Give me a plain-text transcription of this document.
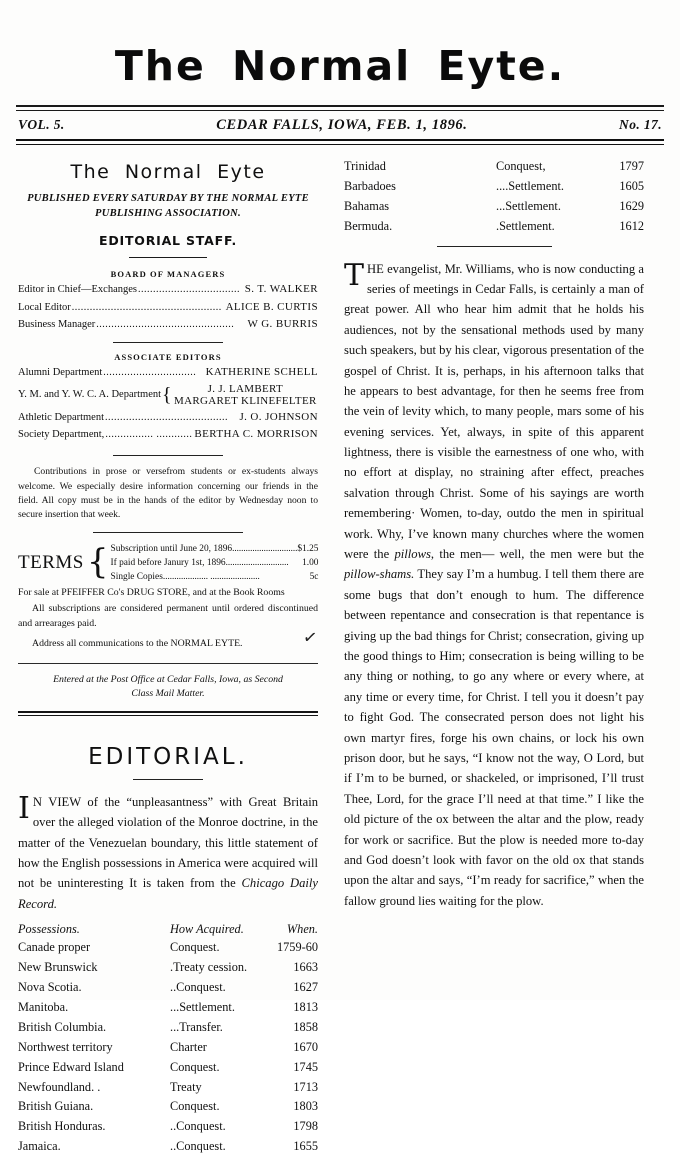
The Normal Eyte.
VOL. 5.	CEDAR FALLS, IOWA, FEB. 1, 1896.	No. 17.
The Normal Eyte
PUBLISHED EVERY SATURDAY BY THE NORMAL EYTE
PUBLISHING ASSOCIATION.
EDITORIAL STAFF.
BOARD OF MANAGERS
Editor in Chief—Exchanges .................................. S. T. WALKER
Local Editor .................................................. ALICE B. CURTIS
Business Manager ..............................................	W G. BURRIS
ASSOCIATE EDITORS
Alumni Department ............................... KATHERINE SCHELL
Y. M. and Y. W. C. A. Department {	J. J. LAMBERT
MARGARET KLINEFELTER
Athletic Department .........................................	J. O. JOHNSON
Society Department, ................ ............ BERTHA C. MORRISON

Contributions in prose or versefrom students or ex-students always welcome. We especially desire information concerning our friends in the field. All copy must be in the hands of the editor by Wednesday noon to secure insertion that week.

TERMS { Subscription until June 20, 1896 ............................. $1.25
If paid before Janury 1st, 1896 ............................	1.00
Single Copies. ................... ......................	5c
For sale at PFEIFFER Co's DRUG STORE, and at the Book Rooms
All subscriptions are considered permanent until ordered discontinued and arrearages paid.
Address all communications to the NORMAL EYTE.
Entered at the Post Office at Cedar Falls, Iowa, as Second
Class Mail Matter.
EDITORIAL.

I N VIEW of the “unpleasantness” with Great Britain over the alleged violation of the Monroe doctrine, in the matter of the Venezuelan boundary, this little statement of how the English possessions in America were acquired will not be uninteresting It is taken from the Chicago Daily Record.

Possessions.	How Acquired.	When.
Canade proper	Conquest.	1759-60
New Brunswick	.Treaty cession.	1663
Nova Scotia.	..Conquest.	1627
Manitoba.	...Settlement.	1813
British Columbia.	...Transfer.	1858
Northwest territory	Charter	1670
Prince Edward Island	Conquest.	1745
Newfoundland. .	Treaty	1713
British Guiana.	Conquest.	1803
British Honduras.	..Conquest.	1798
Jamaica.	..Conquest.	1655
Trinidad	Conquest,	1797
Barbadoes	....Settlement.	1605
Bahamas	...Settlement.	1629
Bermuda.	.Settlement.	1612

THE evangelist, Mr. Williams, who is now conducting a series of meetings in Cedar Falls, is certainly a man of great power. All who hear him admit that he holds his audiences, not by the sensational methods used by many such speakers, but by his clear, vigorous presentation of the gospel of Christ. It is, perhaps, in his afternoon talks that he appears to best advantage, for then he seems free from the vein of levity which, to many people, mars some of his evening services. Yet, always, in spite of this apparent lightness, there is visible the earnestness of one who, with no effort at display, no straining after effect, preaches salvation through Christ. Some of his sayings are worth remembering· Women, to-day, outdo the men in spiritual work. Why, I’ve known many churches where the women were the pillows, the men— well, the men were but the pillow-shams. They say I’m a humbug. I tell them there are some bugs that don’t enough to hum. The difference between repentance and consecration is that repentance is giving up the bad things for Christ; consecration, giving up the good things to Him; consecration is being willing to be any thing or nothing, to go any where or every where, at any time or every time, for Christ. I tell you it doesn’t pay to fight God. The consecrated person does not light his own martyr fires, forge his own chains, or lock his own prison door, but he says, “I know not the way, O Lord, but if I’m to be burned, or shackeled, or imprisoned, I’ll trust Thee, Lord, for the grace I’ll need at that time.” I like the old picture of the ox between the altar and the plow, ready for work or sacrifice. But the plow is needed more to-day and God doesn’t look with favor on the old ox that stands upon the altar and says, “I’m ready for sacrifice,” when the fallow ground lies waiting for the plow.

✓
